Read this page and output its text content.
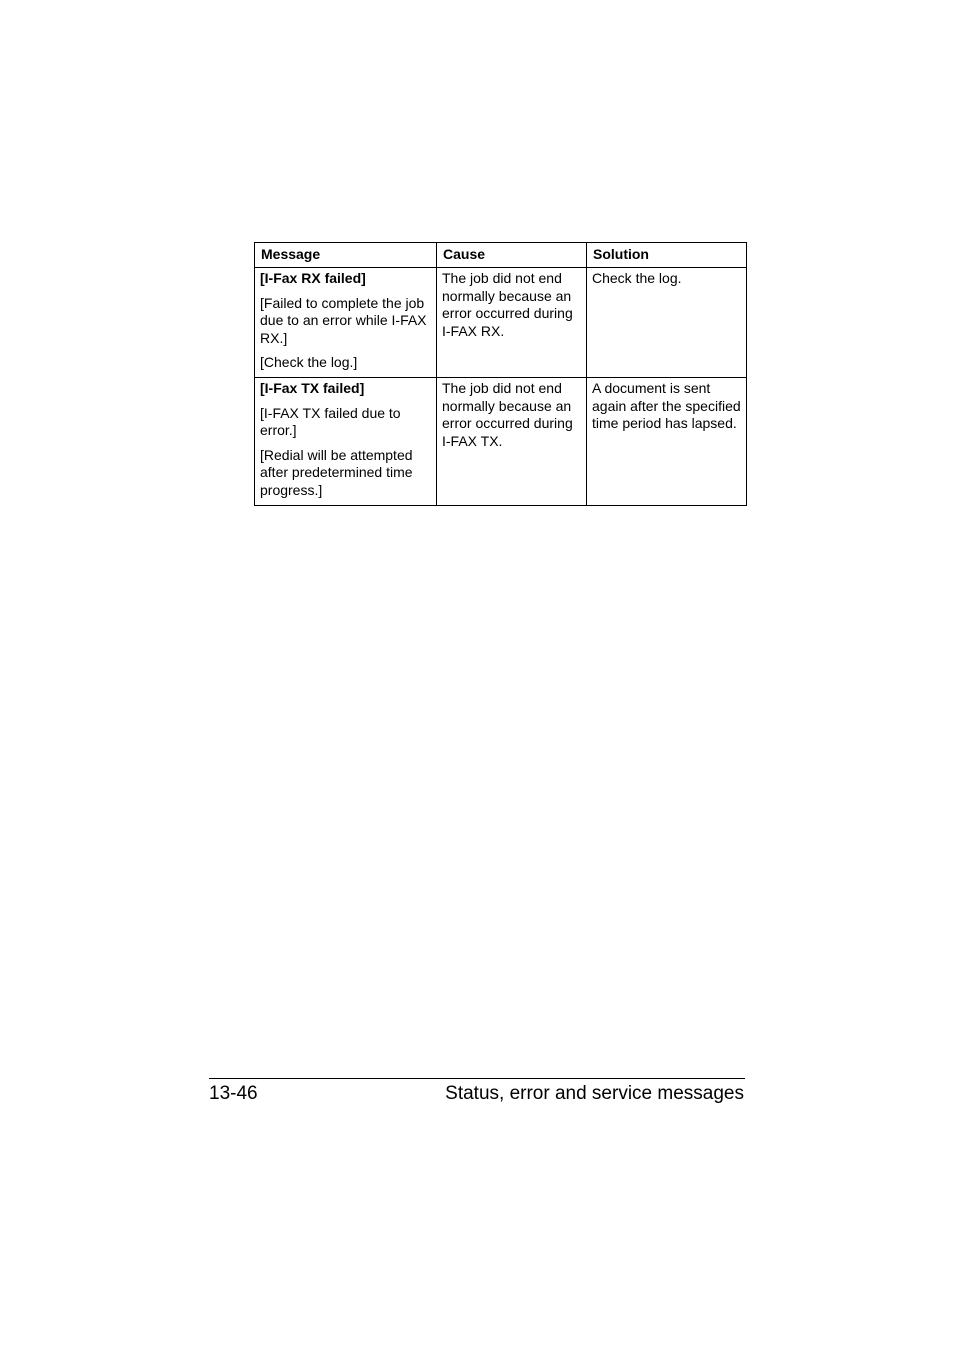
Message	Cause	Solution

[I-Fax RX failed]

[Failed to complete the job due to an error while I-FAX RX.]

[Check the log.]	The job did not end normally because an error occurred during I-FAX RX.	Check the log.

[I-Fax TX failed]

[I-FAX TX failed due to error.]

[Redial will be attempted after predetermined time progress.]	The job did not end normally because an error occurred during I-FAX TX.	A document is sent again after the specified time period has lapsed.
13-46	Status, error and service messages
